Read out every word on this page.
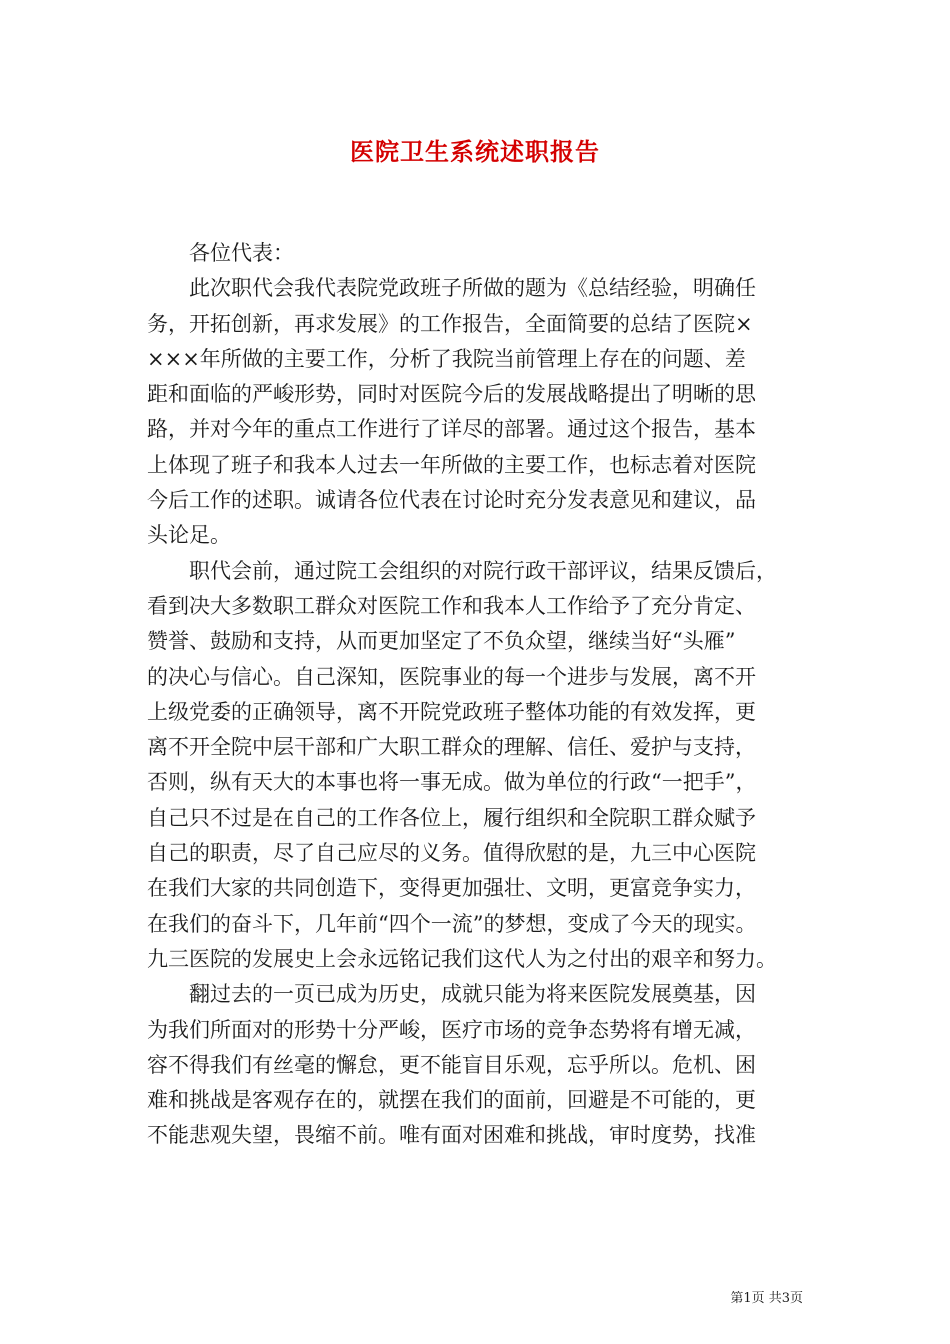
医院卫生系统述职报告
各位代表：
此次职代会我代表院党政班子所做的题为《总结经验，明确任
务，开拓创新，再求发展》的工作报告，全面简要的总结了医院×
×××年所做的主要工作，分析了我院当前管理上存在的问题、差
距和面临的严峻形势，同时对医院今后的发展战略提出了明晰的思
路，并对今年的重点工作进行了详尽的部署。通过这个报告，基本
上体现了班子和我本人过去一年所做的主要工作，也标志着对医院
今后工作的述职。诚请各位代表在讨论时充分发表意见和建议，品
头论足。
职代会前，通过院工会组织的对院行政干部评议，结果反馈后，
看到决大多数职工群众对医院工作和我本人工作给予了充分肯定、
赞誉、鼓励和支持，从而更加坚定了不负众望，继续当好“头雁”
的决心与信心。自己深知，医院事业的每一个进步与发展，离不开
上级党委的正确领导，离不开院党政班子整体功能的有效发挥，更
离不开全院中层干部和广大职工群众的理解、信任、爱护与支持，
否则，纵有天大的本事也将一事无成。做为单位的行政“一把手”，
自己只不过是在自己的工作各位上，履行组织和全院职工群众赋予
自己的职责，尽了自己应尽的义务。值得欣慰的是，九三中心医院
在我们大家的共同创造下，变得更加强壮、文明，更富竞争实力，
在我们的奋斗下，几年前“四个一流”的梦想，变成了今天的现实。
九三医院的发展史上会永远铭记我们这代人为之付出的艰辛和努力。
翻过去的一页已成为历史，成就只能为将来医院发展奠基，因
为我们所面对的形势十分严峻，医疗市场的竞争态势将有增无减，
容不得我们有丝毫的懈怠，更不能盲目乐观，忘乎所以。危机、困
难和挑战是客观存在的，就摆在我们的面前，回避是不可能的，更
不能悲观失望，畏缩不前。唯有面对困难和挑战，审时度势，找准
第1页 共3页
